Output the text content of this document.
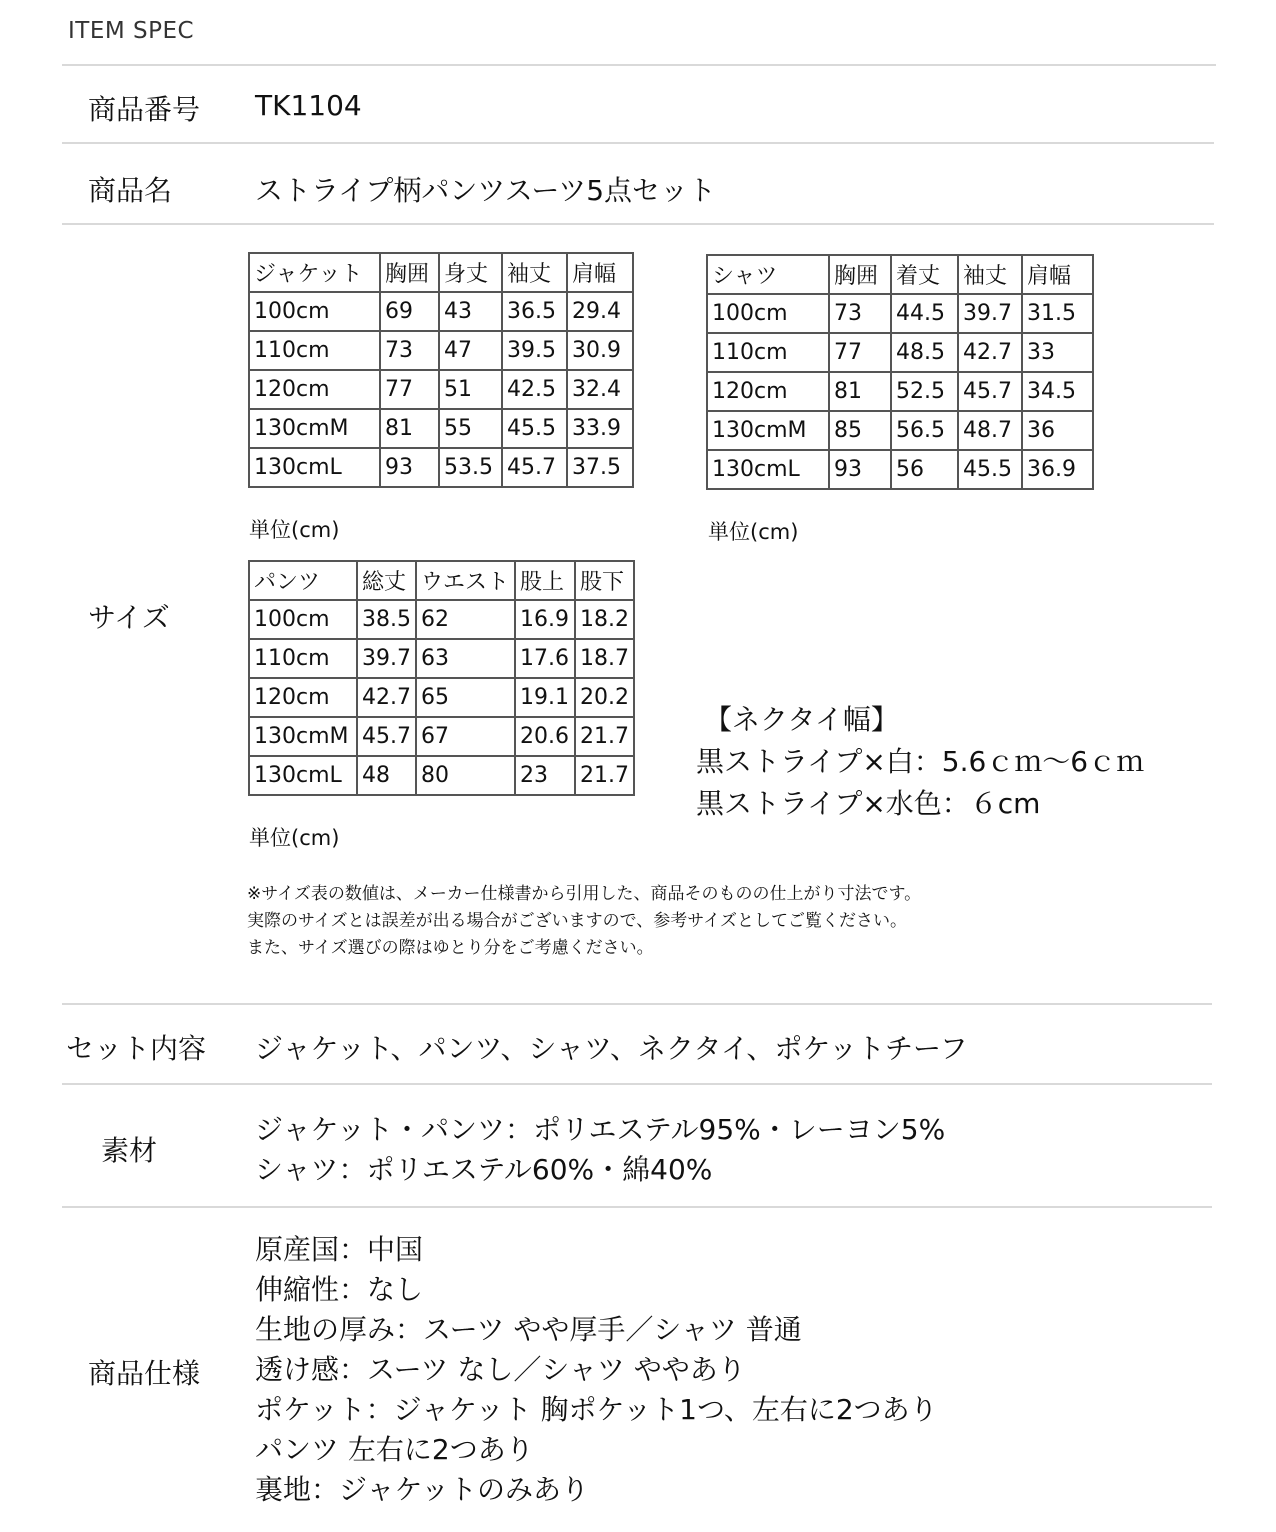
ITEM SPEC
商品番号 TK1104
商品名	ストライプ柄パンツスーツ5点セット
サイズ
ジャケット	胸囲	身丈	袖丈	肩幅
100cm	69	43	36.5	29.4
110cm	73	47	39.5	30.9
120cm	77	51	42.5	32.4
130cmM	81	55	45.5	33.9
130cmL	93	53.5	45.7	37.5
単位(cm)
シャツ	胸囲	着丈	袖丈	肩幅
100cm	73	44.5	39.7	31.5
110cm	77	48.5	42.7	33
120cm	81	52.5	45.7	34.5
130cmM	85	56.5	48.7	36
130cmL	93	56	45.5	36.9
単位(cm)
パンツ	総丈	ウエスト	股上	股下
100cm	38.5	62	16.9	18.2
110cm	39.7	63	17.6	18.7
120cm	42.7	65	19.1	20.2
130cmM	45.7	67	20.6	21.7
130cmL	48	80	23	21.7
単位(cm)
【ネクタイ幅】
黒ストライプ×白：5.6ｃｍ〜6ｃｍ
黒ストライプ×水色：６cm
※サイズ表の数値は、メーカー仕様書から引用した、商品そのものの仕上がり寸法です。
実際のサイズとは誤差が出る場合がございますので、参考サイズとしてご覧ください。
また、サイズ選びの際はゆとり分をご考慮ください。
セット内容 ジャケット、パンツ、シャツ、ネクタイ、ポケットチーフ
素材
ジャケット・パンツ：ポリエステル95%・レーヨン5%
シャツ：ポリエステル60%・綿40%
商品仕様
原産国：中国
伸縮性：なし
生地の厚み：スーツ やや厚手／シャツ 普通
透け感：スーツ なし／シャツ ややあり
ポケット：ジャケット 胸ポケット1つ、左右に2つあり
パンツ 左右に2つあり
裏地：ジャケットのみあり
